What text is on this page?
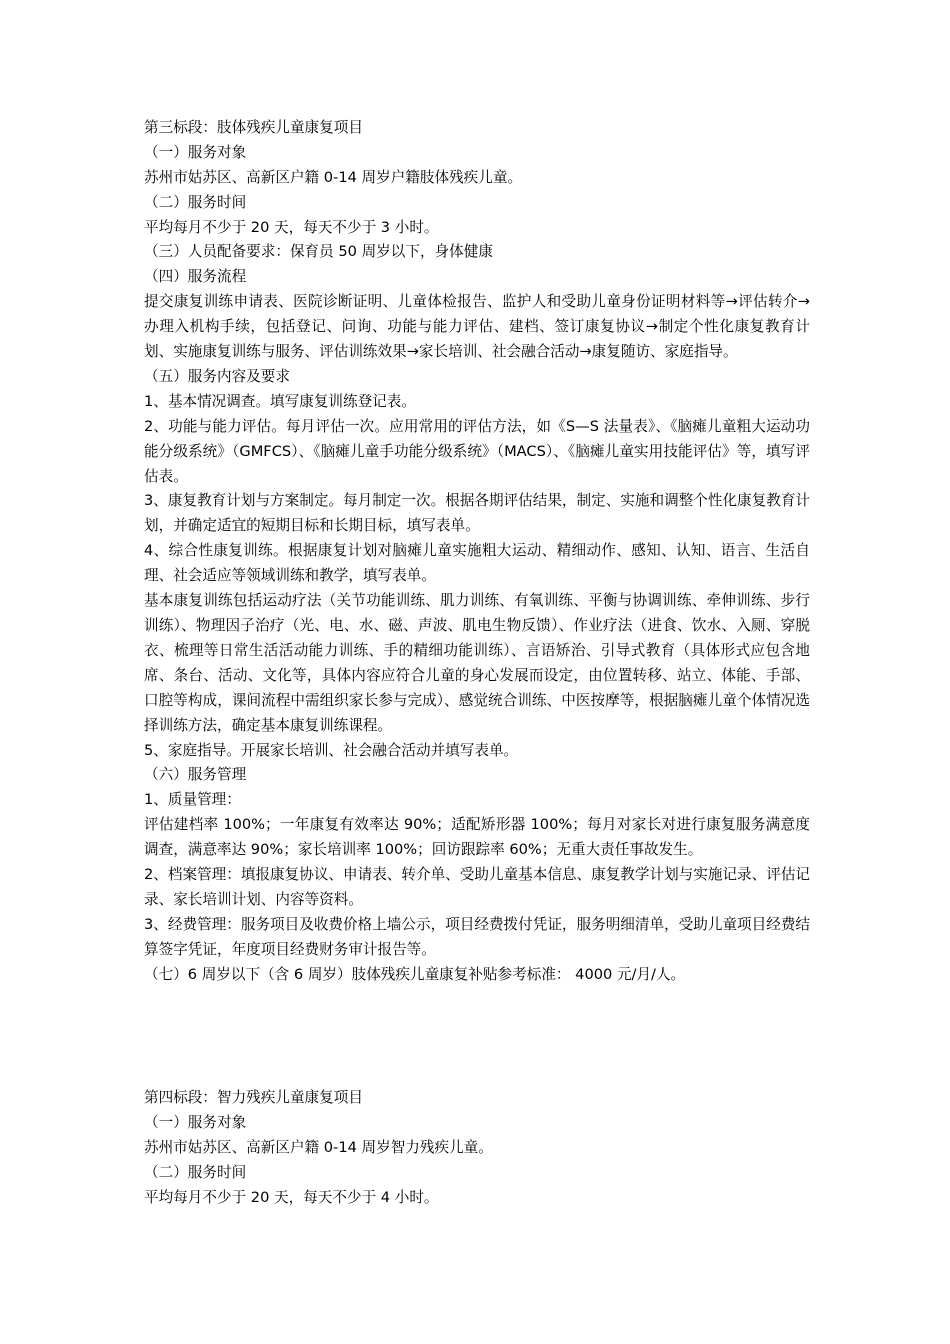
第三标段：肢体残疾儿童康复项目

（一）服务对象

苏州市姑苏区、高新区户籍 0-14 周岁户籍肢体残疾儿童。

（二）服务时间

平均每月不少于 20 天，每天不少于 3 小时。

（三）人员配备要求：保育员 50 周岁以下，身体健康

（四）服务流程

提交康复训练申请表、医院诊断证明、儿童体检报告、监护人和受助儿童身份证明材料等→评估转介→办理入机构手续，包括登记、问询、功能与能力评估、建档、签订康复协议→制定个性化康复教育计划、实施康复训练与服务、评估训练效果→家长培训、社会融合活动→康复随访、家庭指导。

（五）服务内容及要求

1、基本情况调查。填写康复训练登记表。

2、功能与能力评估。每月评估一次。应用常用的评估方法，如《S—S 法量表》、《脑瘫儿童粗大运动功能分级系统》（GMFCS）、《脑瘫儿童手功能分级系统》（MACS）、《脑瘫儿童实用技能评估》等，填写评估表。

3、康复教育计划与方案制定。每月制定一次。根据各期评估结果，制定、实施和调整个性化康复教育计划，并确定适宜的短期目标和长期目标，填写表单。

4、综合性康复训练。根据康复计划对脑瘫儿童实施粗大运动、精细动作、感知、认知、语言、生活自理、社会适应等领域训练和教学，填写表单。

基本康复训练包括运动疗法（关节功能训练、肌力训练、有氧训练、平衡与协调训练、牵伸训练、步行训练）、物理因子治疗（光、电、水、磁、声波、肌电生物反馈）、作业疗法（进食、饮水、入厕、穿脱衣、梳理等日常生活活动能力训练、手的精细功能训练）、言语矫治、引导式教育（具体形式应包含地席、条台、活动、文化等，具体内容应符合儿童的身心发展而设定，由位置转移、站立、体能、手部、口腔等构成，课间流程中需组织家长参与完成）、感觉统合训练、中医按摩等，根据脑瘫儿童个体情况选择训练方法，确定基本康复训练课程。

5、家庭指导。开展家长培训、社会融合活动并填写表单。

（六）服务管理

1、质量管理：

评估建档率 100%；一年康复有效率达 90%；适配矫形器 100%；每月对家长对进行康复服务满意度调查，满意率达 90%；家长培训率 100%；回访跟踪率 60%；无重大责任事故发生。

2、档案管理：填报康复协议、申请表、转介单、受助儿童基本信息、康复教学计划与实施记录、评估记录、家长培训计划、内容等资料。

3、经费管理：服务项目及收费价格上墙公示，项目经费拨付凭证，服务明细清单，受助儿童项目经费结算签字凭证，年度项目经费财务审计报告等。

（七）6 周岁以下（含 6 周岁）肢体残疾儿童康复补贴参考标准： 4000 元/月/人。

第四标段：智力残疾儿童康复项目

（一）服务对象

苏州市姑苏区、高新区户籍 0-14 周岁智力残疾儿童。

（二）服务时间

平均每月不少于 20 天，每天不少于 4 小时。
